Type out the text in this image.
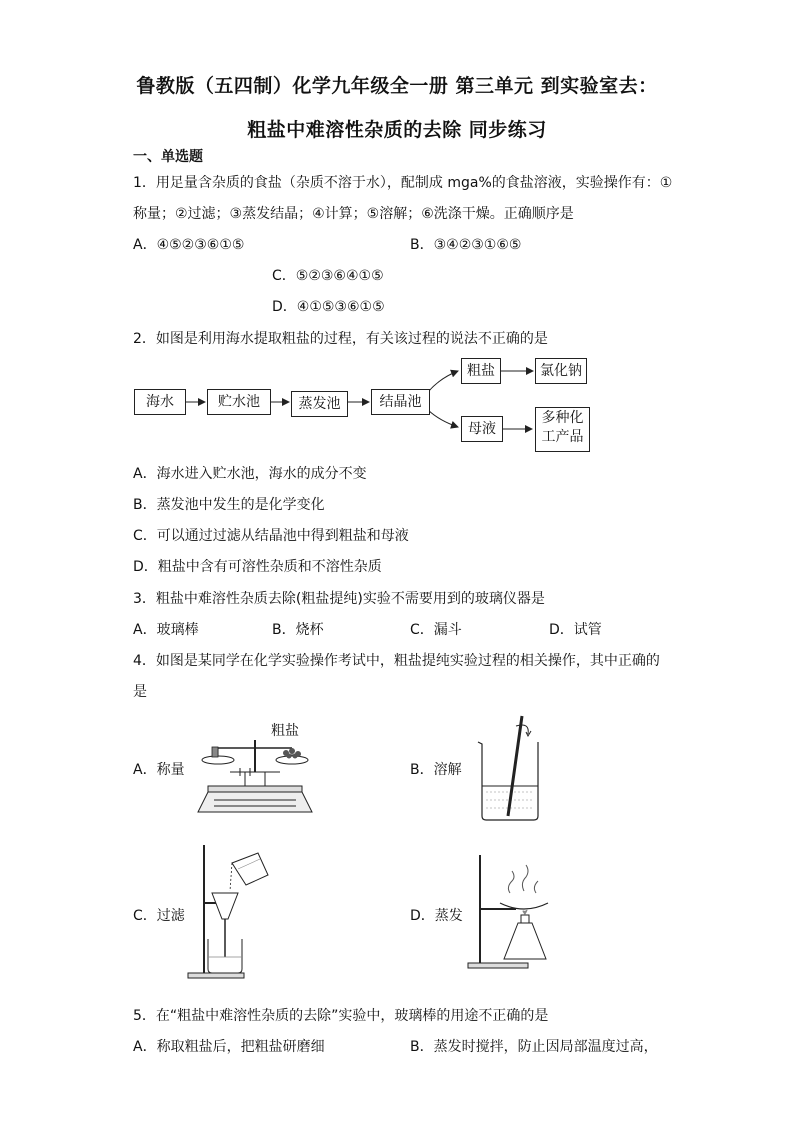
鲁教版（五四制）化学九年级全一册 第三单元 到实验室去：
粗盐中难溶性杂质的去除 同步练习
一、单选题
1．用足量含杂质的食盐（杂质不溶于水），配制成 mga%的食盐溶液，实验操作有：①
称量；②过滤；③蒸发结晶；④计算；⑤溶解；⑥洗涤干燥。正确顺序是
A．④⑤②③⑥①⑤	B．③④②③①⑥⑤
C．⑤②③⑥④①⑤
D．④①⑤③⑥①⑤
2．如图是利用海水提取粗盐的过程，有关该过程的说法不正确的是
海水	贮水池	蒸发池	结晶池
粗盐	氯化钠
母液
多种化
工产品
A．海水进入贮水池，海水的成分不变
B．蒸发池中发生的是化学变化
C．可以通过过滤从结晶池中得到粗盐和母液
D．粗盐中含有可溶性杂质和不溶性杂质
3．粗盐中难溶性杂质去除(粗盐提纯)实验不需要用到的玻璃仪器是
A．玻璃棒	B．烧杯	C．漏斗	D．试管
4．如图是某同学在化学实验操作考试中，粗盐提纯实验过程的相关操作，其中正确的
是
A．称量
粗盐
B．溶解
C．过滤	D．蒸发
5．在“粗盐中难溶性杂质的去除”实验中，玻璃棒的用途不正确的是
A．称取粗盐后，把粗盐研磨细	B．蒸发时搅拌，防止因局部温度过高，
